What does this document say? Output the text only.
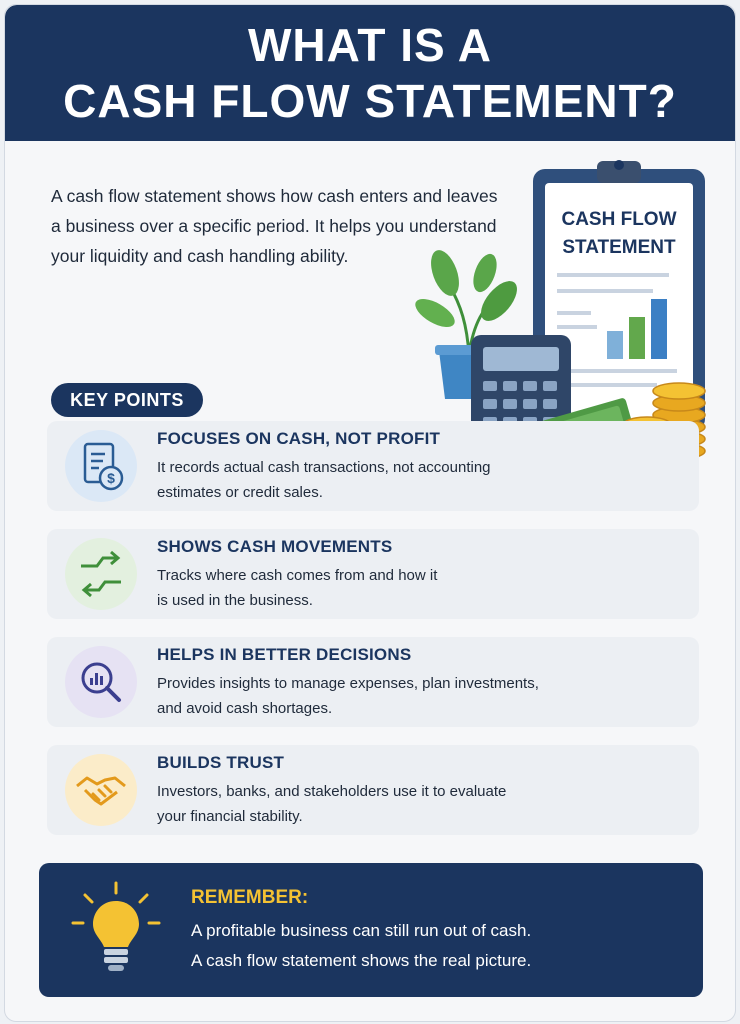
WHAT IS A
CASH FLOW STATEMENT?
A cash flow statement shows how cash enters and leaves
a business over a specific period. It helps you understand
your liquidity and cash handling ability.
CASH FLOW
STATEMENT
KEY POINTS
$
FOCUSES ON CASH, NOT PROFIT
It records actual cash transactions, not accounting
estimates or credit sales.
SHOWS CASH MOVEMENTS
Tracks where cash comes from and how it
is used in the business.
HELPS IN BETTER DECISIONS
Provides insights to manage expenses, plan investments,
and avoid cash shortages.
BUILDS TRUST
Investors, banks, and stakeholders use it to evaluate
your financial stability.
REMEMBER:
A profitable business can still run out of cash.
A cash flow statement shows the real picture.
